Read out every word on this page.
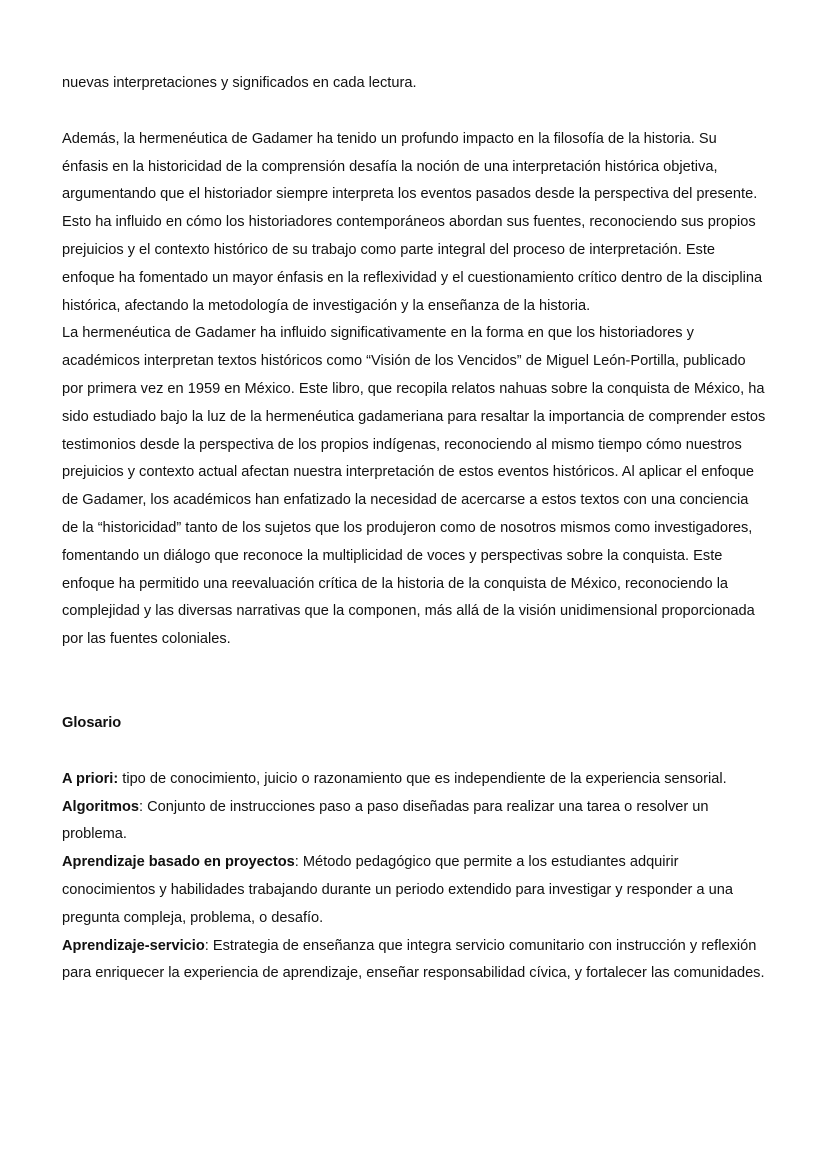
nuevas interpretaciones y significados en cada lectura.

Además, la hermenéutica de Gadamer ha tenido un profundo impacto en la filosofía de la historia. Su énfasis en la historicidad de la comprensión desafía la noción de una interpretación histórica objetiva, argumentando que el historiador siempre interpreta los eventos pasados desde la perspectiva del presente. Esto ha influido en cómo los historiadores contemporáneos abordan sus fuentes, reconociendo sus propios prejuicios y el contexto histórico de su trabajo como parte integral del proceso de interpretación. Este enfoque ha fomentado un mayor énfasis en la reflexividad y el cuestionamiento crítico dentro de la disciplina histórica, afectando la metodología de investigación y la enseñanza de la historia.

La hermenéutica de Gadamer ha influido significativamente en la forma en que los historiadores y académicos interpretan textos históricos como “Visión de los Vencidos” de Miguel León-Portilla, publicado por primera vez en 1959 en México. Este libro, que recopila relatos nahuas sobre la conquista de México, ha sido estudiado bajo la luz de la hermenéutica gadameriana para resaltar la importancia de comprender estos testimonios desde la perspectiva de los propios indígenas, reconociendo al mismo tiempo cómo nuestros prejuicios y contexto actual afectan nuestra interpretación de estos eventos históricos. Al aplicar el enfoque de Gadamer, los académicos han enfatizado la necesidad de acercarse a estos textos con una conciencia de la “historicidad” tanto de los sujetos que los produjeron como de nosotros mismos como investigadores, fomentando un diálogo que reconoce la multiplicidad de voces y perspectivas sobre la conquista. Este enfoque ha permitido una reevaluación crítica de la historia de la conquista de México, reconociendo la complejidad y las diversas narrativas que la componen, más allá de la visión unidimensional proporcionada por las fuentes coloniales.

Glosario

A priori: tipo de conocimiento, juicio o razonamiento que es independiente de la experiencia sensorial.

Algoritmos: Conjunto de instrucciones paso a paso diseñadas para realizar una tarea o resolver un problema.

Aprendizaje basado en proyectos: Método pedagógico que permite a los estudiantes adquirir conocimientos y habilidades trabajando durante un periodo extendido para investigar y responder a una pregunta compleja, problema, o desafío.

Aprendizaje-servicio: Estrategia de enseñanza que integra servicio comunitario con instrucción y reflexión para enriquecer la experiencia de aprendizaje, enseñar responsabilidad cívica, y fortalecer las comunidades.
